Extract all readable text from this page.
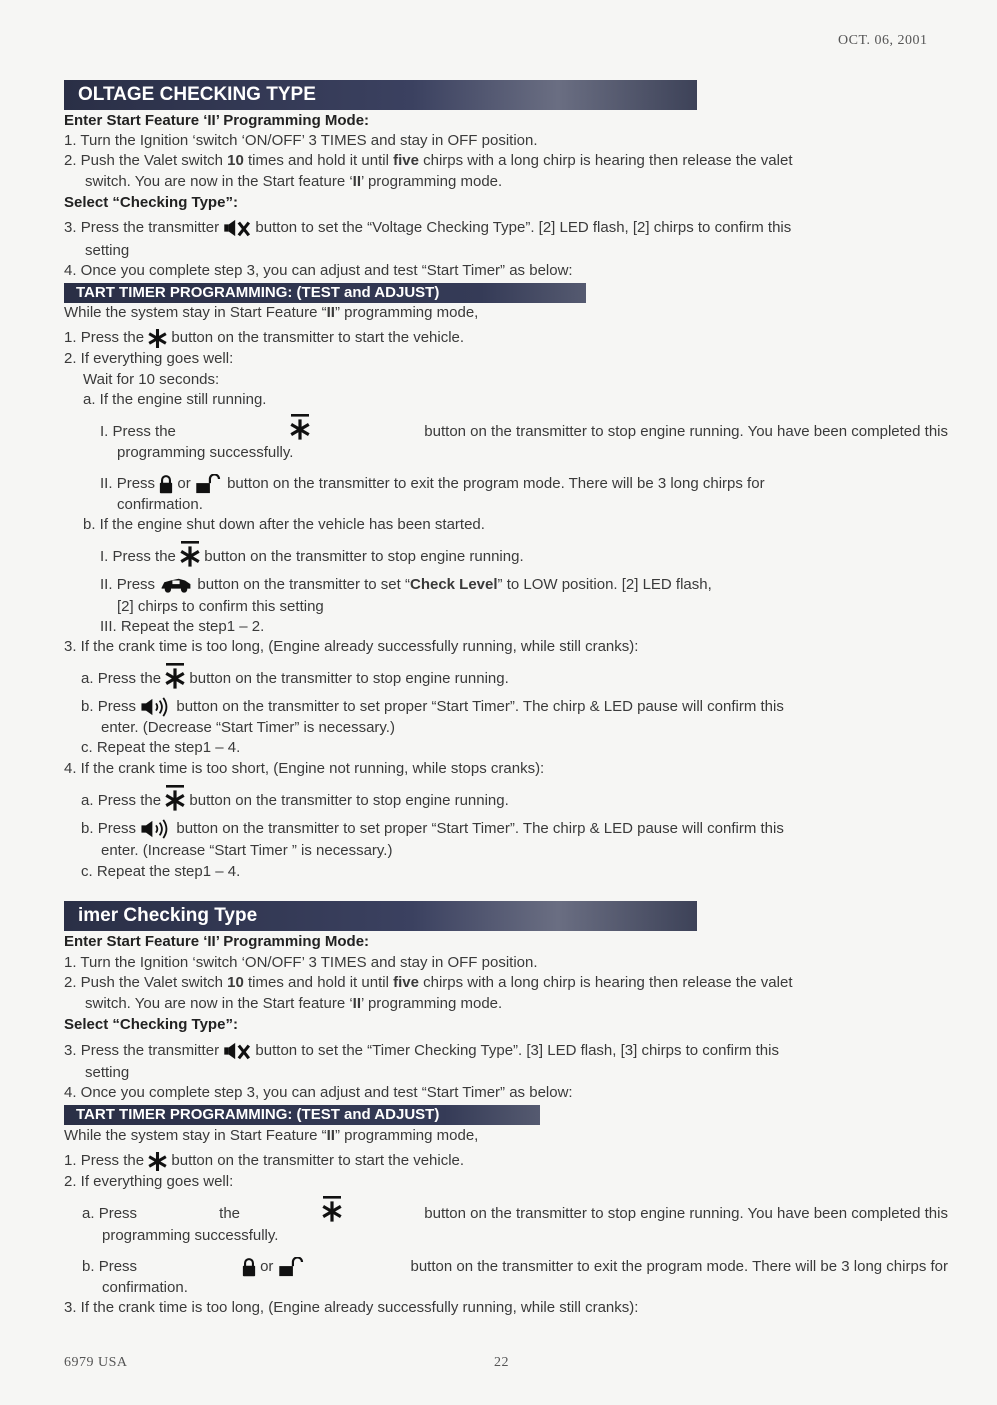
OCT. 06, 2001
OLTAGE CHECKING TYPE
Enter Start Feature ‘II’ Programming Mode:
1. Turn the Ignition ‘switch ‘ON/OFF’ 3 TIMES and stay in OFF position.
2. Push the Valet switch 10 times and hold it until five chirps with a long chirp is hearing then release the valet
switch. You are now in the Start feature ‘II’ programming mode.
Select “Checking Type”:
3. Press the transmitter button to set the “Voltage Checking Type”. [2] LED flash, [2] chirps to confirm this
setting
4. Once you complete step 3, you can adjust and test “Start Timer” as below:
TART TIMER PROGRAMMING: (TEST and ADJUST)
While the system stay in Start Feature “II” programming mode,
1. Press the button on the transmitter to start the vehicle.
2. If everything goes well:
Wait for 10 seconds:
a. If the engine still running.
I. Press the	button on the transmitter to stop engine running. You have been completed this
programming successfully.
II. Press or button on the transmitter to exit the program mode. There will be 3 long chirps for
confirmation.
b. If the engine shut down after the vehicle has been started.
I. Press the button on the transmitter to stop engine running.
II. Press	button on the transmitter to set “Check Level” to LOW position. [2] LED flash,
[2] chirps to confirm this setting
III. Repeat the step1 – 2.
3. If the crank time is too long, (Engine already successfully running, while still cranks):
a. Press the button on the transmitter to stop engine running.
b. Press	button on the transmitter to set proper “Start Timer”. The chirp & LED pause will confirm this
enter. (Decrease “Start Timer” is necessary.)
c. Repeat the step1 – 4.
4. If the crank time is too short, (Engine not running, while stops cranks):
a. Press the button on the transmitter to stop engine running.
b. Press	button on the transmitter to set proper “Start Timer”. The chirp & LED pause will confirm this
enter. (Increase “Start Timer ” is necessary.)
c. Repeat the step1 – 4.
imer Checking Type
Enter Start Feature ‘II’ Programming Mode:
1. Turn the Ignition ‘switch ‘ON/OFF’ 3 TIMES and stay in OFF position.
2. Push the Valet switch 10 times and hold it until five chirps with a long chirp is hearing then release the valet
switch. You are now in the Start feature ‘II’ programming mode.
Select “Checking Type”:
3. Press the transmitter button to set the “Timer Checking Type”. [3] LED flash, [3] chirps to confirm this
setting
4. Once you complete step 3, you can adjust and test “Start Timer” as below:
TART TIMER PROGRAMMING: (TEST and ADJUST)
While the system stay in Start Feature “II” programming mode,
1. Press the button on the transmitter to start the vehicle.
2. If everything goes well:
a. Press	the	button on the transmitter to stop engine running. You have been completed this
programming successfully.
b. Press	or	button on the transmitter to exit the program mode. There will be 3 long chirps for
confirmation.
3. If the crank time is too long, (Engine already successfully running, while still cranks):
6979 USA	22
